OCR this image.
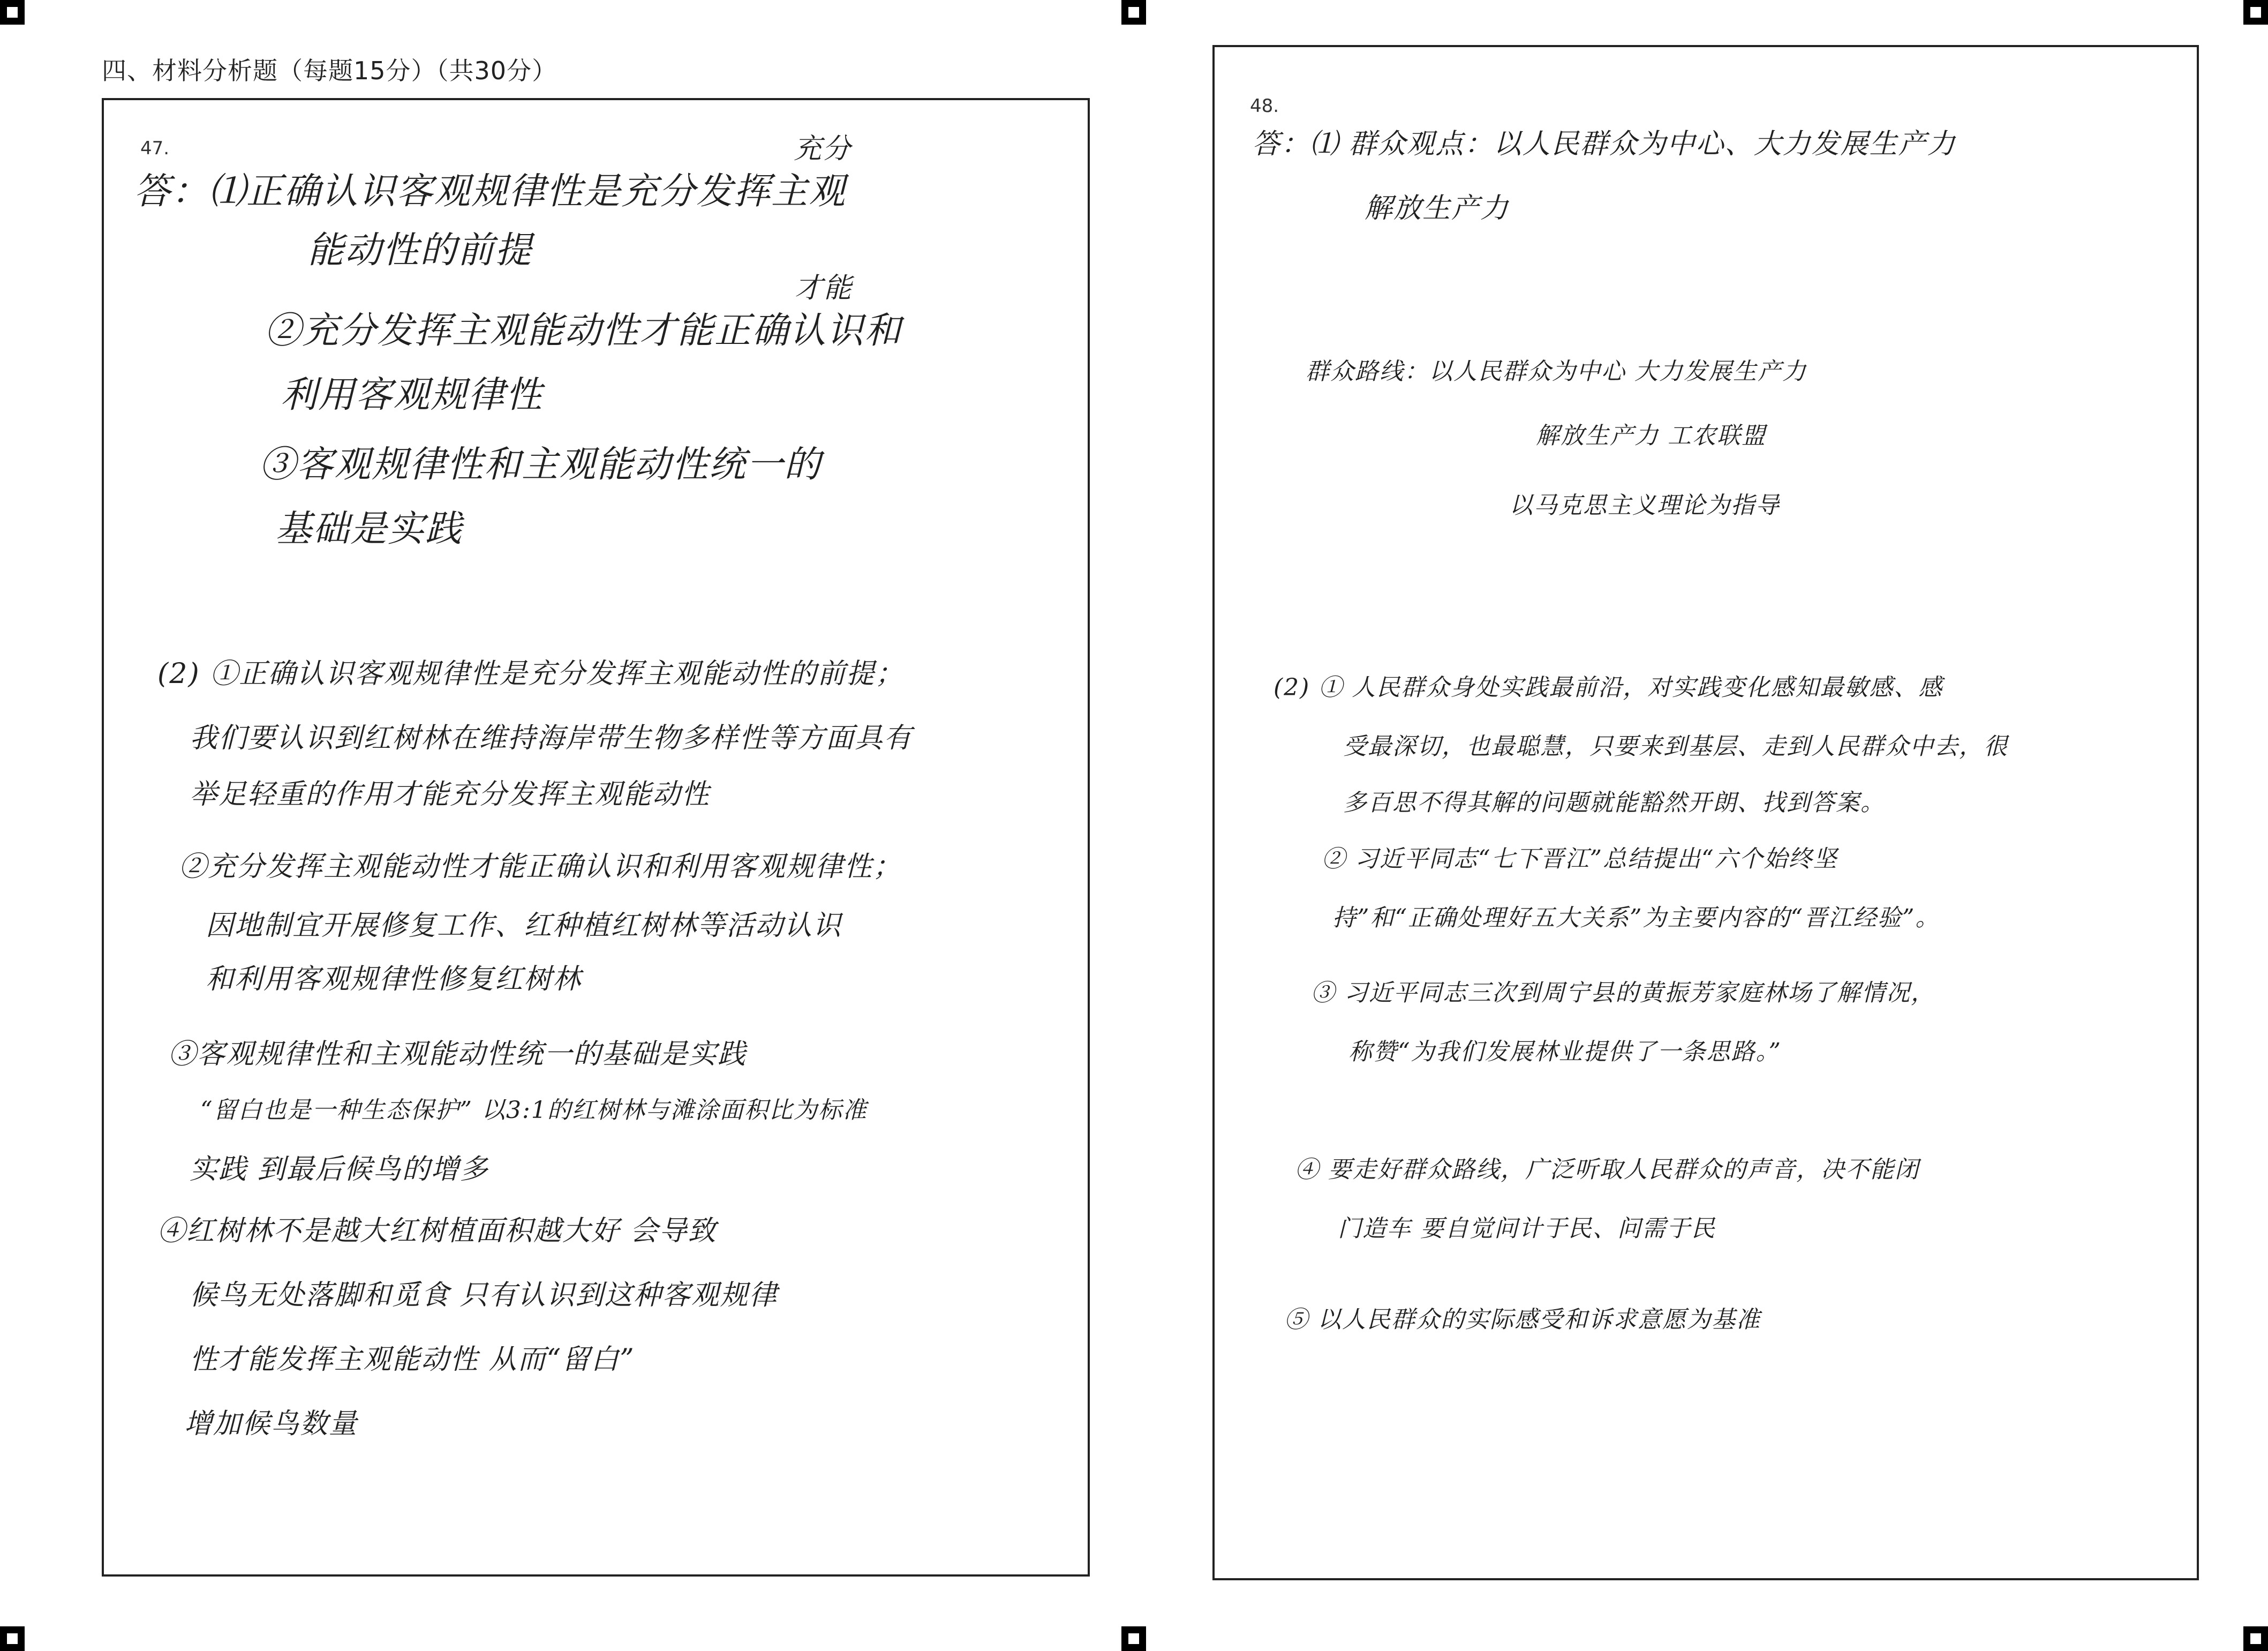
四、材料分析题（每题15分）（共30分）
47.	充分
答：⑴正确认识客观规律性是充分发挥主观
能动性的前提
才能
②充分发挥主观能动性才能正确认识和
利用客观规律性
③客观规律性和主观能动性统一的
基础是实践
(2) ①正确认识客观规律性是充分发挥主观能动性的前提；
我们要认识到红树林在维持海岸带生物多样性等方面具有
举足轻重的作用才能充分发挥主观能动性
②充分发挥主观能动性才能正确认识和利用客观规律性；
因地制宜开展修复工作、红种植红树林等活动认识
和利用客观规律性修复红树林
③客观规律性和主观能动性统一的基础是实践
“留白也是一种生态保护” 以3:1的红树林与滩涂面积比为标准
实践 到最后候鸟的增多
④红树林不是越大红树植面积越大好 会导致
候鸟无处落脚和觅食 只有认识到这种客观规律
性才能发挥主观能动性 从而“留白”
增加候鸟数量
48.
答：⑴ 群众观点：以人民群众为中心、大力发展生产力
解放生产力
群众路线：以人民群众为中心 大力发展生产力
解放生产力 工农联盟
以马克思主义理论为指导
(2) ① 人民群众身处实践最前沿，对实践变化感知最敏感、感
受最深切，也最聪慧，只要来到基层、走到人民群众中去，很
多百思不得其解的问题就能豁然开朗、找到答案。
② 习近平同志“七下晋江”总结提出“六个始终坚
持”和“正确处理好五大关系”为主要内容的“晋江经验”。
③ 习近平同志三次到周宁县的黄振芳家庭林场了解情况，
称赞“为我们发展林业提供了一条思路。”
④ 要走好群众路线，广泛听取人民群众的声音，决不能闭
门造车 要自觉问计于民、问需于民
⑤ 以人民群众的实际感受和诉求意愿为基准
